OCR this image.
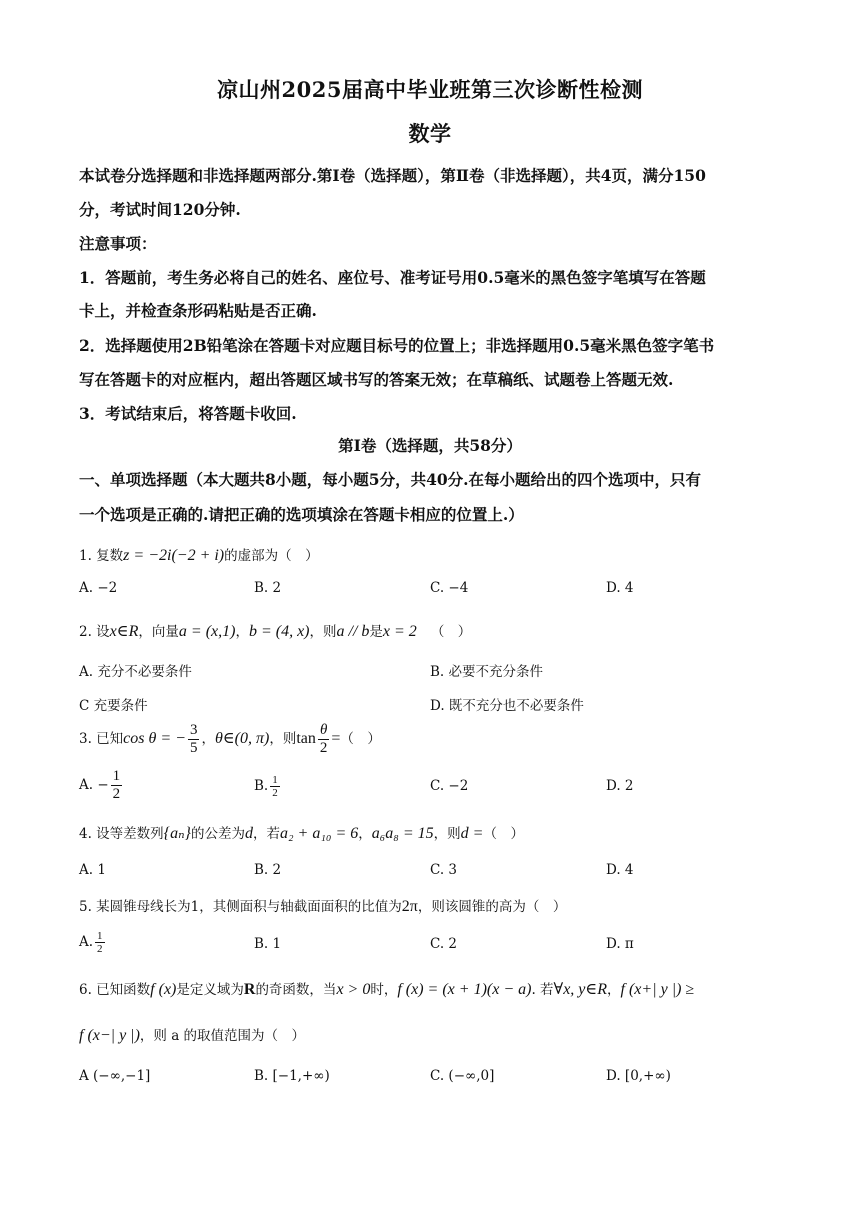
凉山州2025届高中毕业班第三次诊断性检测
数学
本试卷分选择题和非选择题两部分.第Ⅰ卷（选择题），第Ⅱ卷（非选择题），共4页，满分150
分，考试时间120分钟.
注意事项：
1．答题前，考生务必将自己的姓名、座位号、准考证号用0.5毫米的黑色签字笔填写在答题
卡上，并检查条形码粘贴是否正确.
2．选择题使用2B铅笔涂在答题卡对应题目标号的位置上；非选择题用0.5毫米黑色签字笔书
写在答题卡的对应框内，超出答题区域书写的答案无效；在草稿纸、试题卷上答题无效.
3．考试结束后，将答题卡收回.
第Ⅰ卷（选择题，共58分）
一、单项选择题（本大题共8小题，每小题5分，共40分.在每小题给出的四个选项中，只有
一个选项是正确的.请把正确的选项填涂在答题卡相应的位置上.）
1. 复数z = −2i(−2 + i)的虚部为（　）
A. −2	B. 2	C. −4	D. 4
2. 设x∈R，向量a = (x,1)，b = (4, x)，则a // b是x = 2 （　）
A. 充分不必要条件	B. 必要不充分条件
C 充要条件	D. 既不充分也不必要条件
3. 已知cos θ = − $\frac{3}{5}$ ，θ∈(0, π)，则$\tan \frac{\theta}{2}$ =（　）
A. − $\frac{1}{2}$	B. $\frac{1}{2}$	C. −2	D. 2
4. 设等差数列{aₙ}的公差为d，若a₂ + a₁₀ = 6，a₆a₈ = 15，则d =（　）
A. 1	B. 2	C. 3	D. 4
5. 某圆锥母线长为1，其侧面积与轴截面面积的比值为2π，则该圆锥的高为（　）
A. $\frac{1}{2}$	B. 1	C. 2	D. π
6. 已知函数f (x)是定义域为R的奇函数，当x > 0时，f (x) = (x + 1)(x − a). 若∀x, y∈R，f (x+| y |) ≥
f (x−| y |)，则 a 的取值范围为（　）
A (−∞,−1]	B. [−1,+∞)	C. (−∞,0]	D. [0,+∞)
